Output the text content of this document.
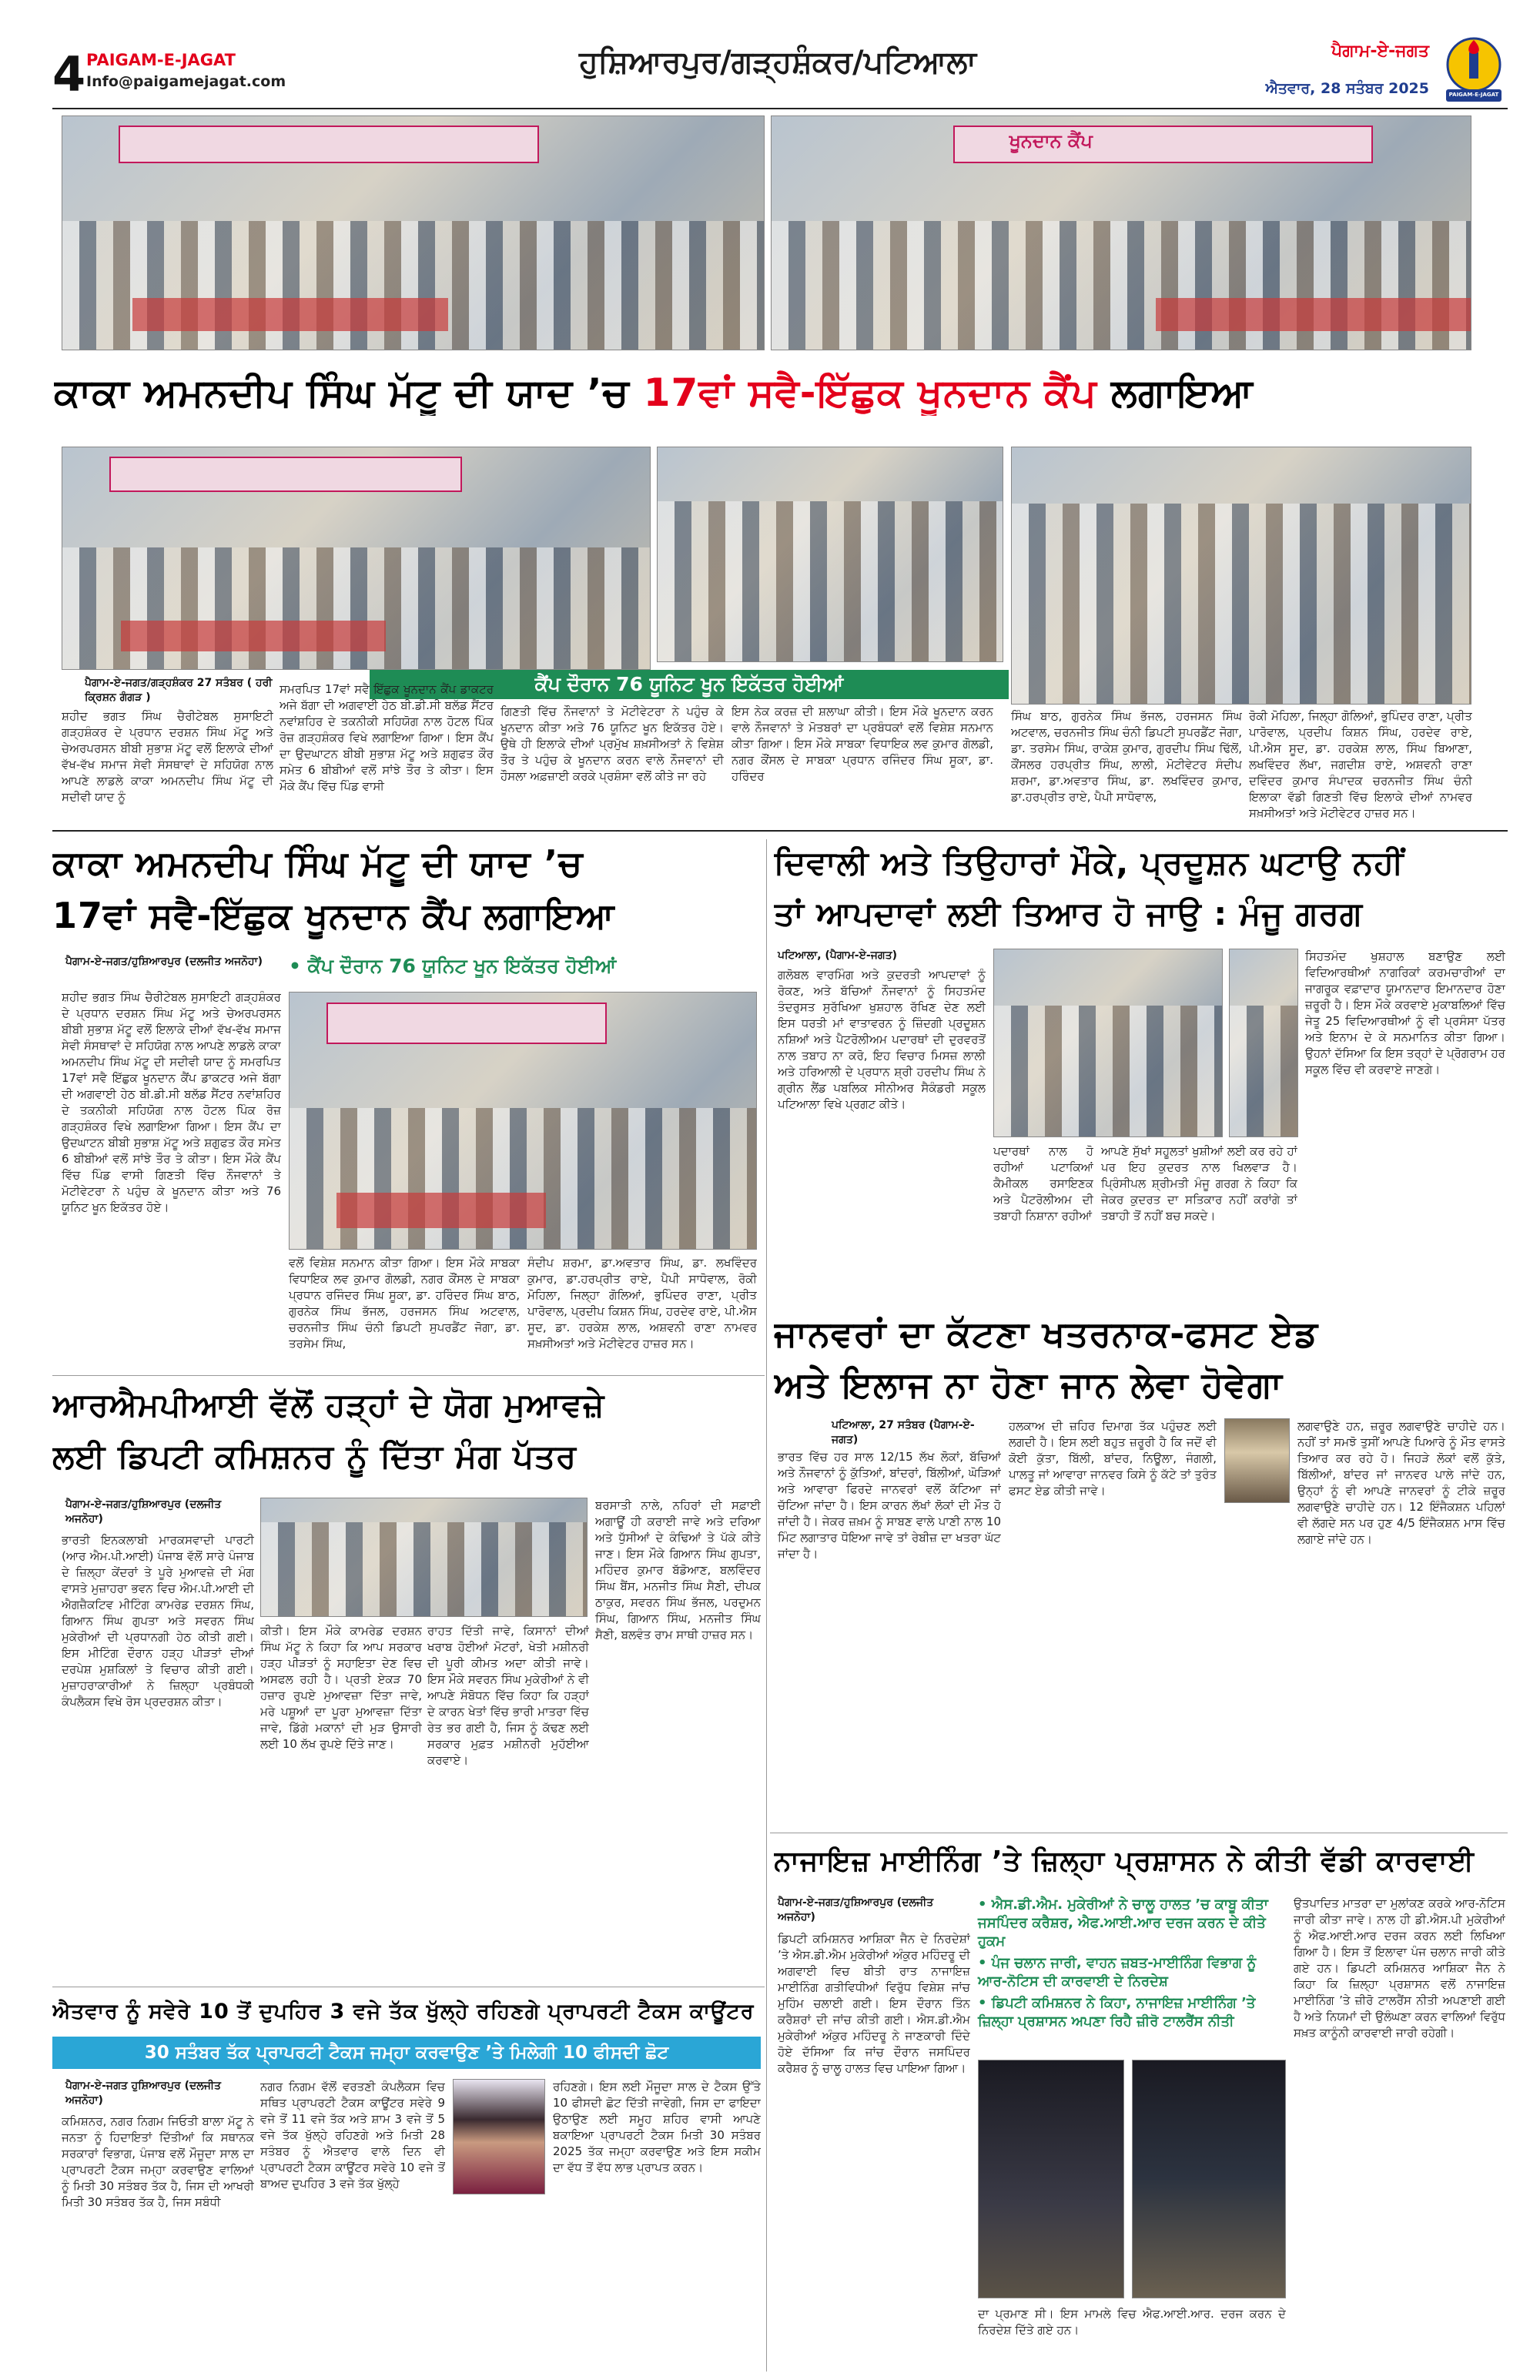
4 PAIGAM-E-JAGAT
Info@paigamejagat.com
ਹੁਸ਼ਿਆਰਪੁਰ/ਗੜ੍ਹਸ਼ੰਕਰ/ਪਟਿਆਲਾ	ਪੈਗਾਮ-ਏ-ਜਗਤ
ਐਤਵਾਰ, 28 ਸਤੰਬਰ 2025	PAIGAM-E-JAGAT
ਖੂਨਦਾਨ ਕੈਂਪ
ਕਾਕਾ ਅਮਨਦੀਪ ਸਿੰਘ ਮੱਟੂ ਦੀ ਯਾਦ ’ਚ 17ਵਾਂ ਸਵੈ-ਇੱਛੁਕ ਖੂਨਦਾਨ ਕੈਂਪ ਲਗਾਇਆ
ਕੈਂਪ ਦੌਰਾਨ 76 ਯੂਨਿਟ ਖੂਨ ਇਕੱਤਰ ਹੋਈਆਂ
ਪੈਗਾਮ-ਏ-ਜਗਤ/ਗੜ੍ਹਸ਼ੰਕਰ 27 ਸਤੰਬਰ ( ਹਰੀ ਕ੍ਰਿਸ਼ਨ ਗੰਗੜ )
ਸ਼ਹੀਦ ਭਗਤ ਸਿੰਘ ਚੈਰੀਟੇਬਲ ਸੁਸਾਇਟੀ ਗੜ੍ਹਸ਼ੰਕਰ ਦੇ ਪ੍ਰਧਾਨ ਦਰਸ਼ਨ ਸਿੰਘ ਮੱਟੂ ਅਤੇ ਚੇਅਰਪਰਸਨ ਬੀਬੀ ਸੁਭਾਸ਼ ਮੱਟੂ ਵਲੋਂ ਇਲਾਕੇ ਦੀਆਂ ਵੱਖ-ਵੱਖ ਸਮਾਜ ਸੇਵੀ ਸੰਸਥਾਵਾਂ ਦੇ ਸਹਿਯੋਗ ਨਾਲ ਆਪਣੇ ਲਾਡਲੇ ਕਾਕਾ ਅਮਨਦੀਪ ਸਿੰਘ ਮੱਟੂ ਦੀ ਸਦੀਵੀ ਯਾਦ ਨੂੰ
ਸਮਰਪਿਤ 17ਵਾਂ ਸਵੈ ਇੱਛੁਕ ਖੂਨਦਾਨ ਕੈਂਪ ਡਾਕਟਰ ਅਜੇ ਬੱਗਾ ਦੀ ਅਗਵਾਈ ਹੇਠ ਬੀ.ਡੀ.ਸੀ ਬਲੱਡ ਸੈਂਟਰ ਨਵਾਂਸ਼ਹਿਰ ਦੇ ਤਕਨੀਕੀ ਸਹਿਯੋਗ ਨਾਲ ਹੋਟਲ ਪਿੰਕ ਰੋਜ਼ ਗੜ੍ਹਸ਼ੰਕਰ ਵਿਖੇ ਲਗਾਇਆ ਗਿਆ। ਇਸ ਕੈਂਪ ਦਾ ਉਦਘਾਟਨ ਬੀਬੀ ਸੁਭਾਸ਼ ਮੱਟੂ ਅਤੇ ਸ਼ਗੁਫਤ ਕੌਰ ਸਮੇਤ 6 ਬੀਬੀਆਂ ਵਲੋਂ ਸਾਂਝੇ ਤੌਰ ਤੇ ਕੀਤਾ। ਇਸ ਮੌਕੇ ਕੈਂਪ ਵਿੱਚ ਪਿੰਡ ਵਾਸੀ
ਗਿਣਤੀ ਵਿੱਚ ਨੌਜਵਾਨਾਂ ਤੇ ਮੋਟੀਵੇਟਰਾ ਨੇ ਪਹੁੰਚ ਕੇ ਖੂਨਦਾਨ ਕੀਤਾ ਅਤੇ 76 ਯੂਨਿਟ ਖੂਨ ਇਕੱਤਰ ਹੋਏ। ਉਥੇ ਹੀ ਇਲਾਕੇ ਦੀਆਂ ਪ੍ਰਮੁੱਖ ਸ਼ਖ਼ਸੀਅਤਾਂ ਨੇ ਵਿਸ਼ੇਸ਼ ਤੌਰ ਤੇ ਪਹੁੰਚ ਕੇ ਖੂਨਦਾਨ ਕਰਨ ਵਾਲੇ ਨੌਜਵਾਨਾਂ ਦੀ ਹੌਸਲਾ ਅਫ਼ਜ਼ਾਈ ਕਰਕੇ ਪ੍ਰਸ਼ੰਸਾ ਵਲੋਂ ਕੀਤੇ ਜਾ ਰਹੇ
ਇਸ ਨੇਕ ਕਰਜ਼ ਦੀ ਸ਼ਲਾਘਾ ਕੀਤੀ। ਇਸ ਮੌਕੇ ਖੂਨਦਾਨ ਕਰਨ ਵਾਲੇ ਨੌਜਵਾਨਾਂ ਤੇ ਮੋਤਬਰਾਂ ਦਾ ਪ੍ਰਬੰਧਕਾਂ ਵਲੋਂ ਵਿਸ਼ੇਸ਼ ਸਨਮਾਨ ਕੀਤਾ ਗਿਆ। ਇਸ ਮੌਕੇ ਸਾਬਕਾ ਵਿਧਾਇਕ ਲਵ ਕੁਮਾਰ ਗੋਲਡੀ, ਨਗਰ ਕੌਂਸਲ ਦੇ ਸਾਬਕਾ ਪ੍ਰਧਾਨ ਰਜਿੰਦਰ ਸਿੰਘ ਸੂਕਾ, ਡਾ. ਹਰਿੰਦਰ
ਸਿੰਘ ਬਾਠ, ਗੁਰਨੇਕ ਸਿੰਘ ਭੱਜਲ, ਹਰਜਸਨ ਸਿੰਘ ਅਟਵਾਲ, ਚਰਨਜੀਤ ਸਿੰਘ ਚੰਨੀ ਡਿਪਟੀ ਸੁਪਰਡੈਂਟ ਜੋਗਾ, ਡਾ. ਤਰਸੇਮ ਸਿੰਘ, ਰਾਕੇਸ਼ ਕੁਮਾਰ, ਗੁਰਦੀਪ ਸਿੰਘ ਢਿੱਲੋਂ, ਕੌਂਸਲਰ ਹਰਪ੍ਰੀਤ ਸਿੰਘ, ਲਾਲੀ, ਮੋਟੀਵੇਟਰ ਸੰਦੀਪ ਸ਼ਰਮਾ, ਡਾ.ਅਵਤਾਰ ਸਿੰਘ, ਡਾ. ਲਖਵਿੰਦਰ ਕੁਮਾਰ, ਡਾ.ਹਰਪ੍ਰੀਤ ਰਾਏ, ਪੈਪੀ ਸਾਧੋਵਾਲ,
ਰੋਕੀ ਮੋਹਿਲਾ, ਜਿਲ੍ਹਾ ਗੋਲਿਆਂ, ਭੁਪਿੰਦਰ ਰਾਣਾ, ਪ੍ਰੀਤ ਪਾਰੋਵਾਲ, ਪ੍ਰਦੀਪ ਕਿਸ਼ਨ ਸਿੰਘ, ਹਰਦੇਵ ਰਾਏ, ਪੀ.ਐਸ ਸੂਦ, ਡਾ. ਹਰਕੇਸ਼ ਲਾਲ, ਸਿੰਘ ਬਿਆਣਾ, ਲਖਵਿੰਦਰ ਲੱਖਾ, ਜਗਦੀਸ਼ ਰਾਏ, ਅਸ਼ਵਨੀ ਰਾਣਾ ਦਵਿੰਦਰ ਕੁਮਾਰ ਸੰਪਾਦਕ ਚਰਨਜੀਤ ਸਿੰਘ ਚੰਨੀ ਇਲਾਕਾ ਵੱਡੀ ਗਿਣਤੀ ਵਿੱਚ ਇਲਾਕੇ ਦੀਆਂ ਨਾਮਵਰ ਸਖ਼ਸੀਅਤਾਂ ਅਤੇ ਮੋਟੀਵੇਟਰ ਹਾਜ਼ਰ ਸਨ।
ਕਾਕਾ ਅਮਨਦੀਪ ਸਿੰਘ ਮੱਟੂ ਦੀ ਯਾਦ ’ਚ
17ਵਾਂ ਸਵੈ-ਇੱਛੁਕ ਖੂਨਦਾਨ ਕੈਂਪ ਲਗਾਇਆ
ਪੈਗਾਮ-ਏ-ਜਗਤ/ਹੁਸ਼ਿਆਰਪੁਰ (ਦਲਜੀਤ ਅਜਨੋਹਾ)
ਸ਼ਹੀਦ ਭਗਤ ਸਿੰਘ ਚੈਰੀਟੇਬਲ ਸੁਸਾਇਟੀ ਗੜ੍ਹਸ਼ੰਕਰ ਦੇ ਪ੍ਰਧਾਨ ਦਰਸ਼ਨ ਸਿੰਘ ਮੱਟੂ ਅਤੇ ਚੇਅਰਪਰਸਨ ਬੀਬੀ ਸੁਭਾਸ਼ ਮੱਟੂ ਵਲੋਂ ਇਲਾਕੇ ਦੀਆਂ ਵੱਖ-ਵੱਖ ਸਮਾਜ ਸੇਵੀ ਸੰਸਥਾਵਾਂ ਦੇ ਸਹਿਯੋਗ ਨਾਲ ਆਪਣੇ ਲਾਡਲੇ ਕਾਕਾ ਅਮਨਦੀਪ ਸਿੰਘ ਮੱਟੂ ਦੀ ਸਦੀਵੀ ਯਾਦ ਨੂੰ ਸਮਰਪਿਤ 17ਵਾਂ ਸਵੈ ਇੱਛੁਕ ਖੂਨਦਾਨ ਕੈਂਪ ਡਾਕਟਰ ਅਜੇ ਬੱਗਾ ਦੀ ਅਗਵਾਈ ਹੇਠ ਬੀ.ਡੀ.ਸੀ ਬਲੱਡ ਸੈਂਟਰ ਨਵਾਂਸ਼ਹਿਰ ਦੇ ਤਕਨੀਕੀ ਸਹਿਯੋਗ ਨਾਲ ਹੋਟਲ ਪਿੰਕ ਰੋਜ਼ ਗੜ੍ਹਸ਼ੰਕਰ ਵਿਖੇ ਲਗਾਇਆ ਗਿਆ। ਇਸ ਕੈਂਪ ਦਾ ਉਦਘਾਟਨ ਬੀਬੀ ਸੁਭਾਸ਼ ਮੱਟੂ ਅਤੇ ਸ਼ਗੁਫਤ ਕੌਰ ਸਮੇਤ 6 ਬੀਬੀਆਂ ਵਲੋਂ ਸਾਂਝੇ ਤੌਰ ਤੇ ਕੀਤਾ। ਇਸ ਮੌਕੇ ਕੈਂਪ ਵਿੱਚ ਪਿੰਡ ਵਾਸੀ ਗਿਣਤੀ ਵਿੱਚ ਨੌਜਵਾਨਾਂ ਤੇ ਮੋਟੀਵੇਟਰਾ ਨੇ ਪਹੁੰਚ ਕੇ ਖੂਨਦਾਨ ਕੀਤਾ ਅਤੇ 76 ਯੂਨਿਟ ਖੂਨ ਇਕੱਤਰ ਹੋਏ।
• ਕੈਂਪ ਦੌਰਾਨ 76 ਯੂਨਿਟ ਖੂਨ ਇਕੱਤਰ ਹੋਈਆਂ
ਵਲੋਂ ਵਿਸ਼ੇਸ਼ ਸਨਮਾਨ ਕੀਤਾ ਗਿਆ। ਇਸ ਮੌਕੇ ਸਾਬਕਾ ਵਿਧਾਇਕ ਲਵ ਕੁਮਾਰ ਗੋਲਡੀ, ਨਗਰ ਕੌਂਸਲ ਦੇ ਸਾਬਕਾ ਪ੍ਰਧਾਨ ਰਜਿੰਦਰ ਸਿੰਘ ਸੂਕਾ, ਡਾ. ਹਰਿੰਦਰ ਸਿੰਘ ਬਾਠ, ਗੁਰਨੇਕ ਸਿੰਘ ਭੱਜਲ, ਹਰਜਸਨ ਸਿੰਘ ਅਟਵਾਲ, ਚਰਨਜੀਤ ਸਿੰਘ ਚੰਨੀ ਡਿਪਟੀ ਸੁਪਰਡੈਂਟ ਜੋਗਾ, ਡਾ. ਤਰਸੇਮ ਸਿੰਘ,
ਸੰਦੀਪ ਸ਼ਰਮਾ, ਡਾ.ਅਵਤਾਰ ਸਿੰਘ, ਡਾ. ਲਖਵਿੰਦਰ ਕੁਮਾਰ, ਡਾ.ਹਰਪ੍ਰੀਤ ਰਾਏ, ਪੈਪੀ ਸਾਧੋਵਾਲ, ਰੋਕੀ ਮੋਹਿਲਾ, ਜਿਲ੍ਹਾ ਗੋਲਿਆਂ, ਭੁਪਿੰਦਰ ਰਾਣਾ, ਪ੍ਰੀਤ ਪਾਰੋਵਾਲ, ਪ੍ਰਦੀਪ ਕਿਸ਼ਨ ਸਿੰਘ, ਹਰਦੇਵ ਰਾਏ, ਪੀ.ਐਸ ਸੂਦ, ਡਾ. ਹਰਕੇਸ਼ ਲਾਲ, ਅਸ਼ਵਨੀ ਰਾਣਾ ਨਾਮਵਰ ਸਖ਼ਸੀਅਤਾਂ ਅਤੇ ਮੋਟੀਵੇਟਰ ਹਾਜ਼ਰ ਸਨ।
ਦਿਵਾਲੀ ਅਤੇ ਤਿਉਹਾਰਾਂ ਮੌਕੇ, ਪ੍ਰਦੂਸ਼ਨ ਘਟਾਉ ਨਹੀਂ
ਤਾਂ ਆਪਦਾਵਾਂ ਲਈ ਤਿਆਰ ਹੋ ਜਾਉ : ਮੰਜੂ ਗਰਗ
ਪਟਿਆਲਾ, (ਪੈਗਾਮ-ਏ-ਜਗਤ)
ਗਲੋਬਲ ਵਾਰਮਿੰਗ ਅਤੇ ਕੁਦਰਤੀ ਆਪਦਾਵਾਂ ਨੂੰ ਰੋਕਣ, ਅਤੇ ਬੱਚਿਆਂ ਨੌਜਵਾਨਾਂ ਨੂੰ ਸਿਹਤਮੰਦ ਤੰਦਰੁਸਤ ਸੁਰੱਖਿਆ ਖੁਸ਼ਹਾਲ ਰੱਖਿਣ ਦੇਣ ਲਈ ਇਸ ਧਰਤੀ ਮਾਂ ਵਾਤਾਵਰਨ ਨੂੰ ਜ਼ਿੰਦਗੀ ਪ੍ਰਦੂਸ਼ਨ ਨਸ਼ਿਆਂ ਅਤੇ ਪੈਟਰੋਲੀਅਮ ਪਦਾਰਥਾਂ ਦੀ ਦੁਰਵਰਤੋਂ ਨਾਲ ਤਬਾਹ ਨਾ ਕਰੋ, ਇਹ ਵਿਚਾਰ ਮਿਸਜ਼ ਲਾਲੀ ਅਤੇ ਹਰਿਆਲੀ ਦੇ ਪ੍ਰਧਾਨ ਸ਼੍ਰੀ ਹਰਦੀਪ ਸਿੰਘ ਨੇ ਗ੍ਰੀਨ ਲੈਂਡ ਪਬਲਿਕ ਸੀਨੀਅਰ ਸੈਕੰਡਰੀ ਸਕੂਲ ਪਟਿਆਲਾ ਵਿਖੇ ਪ੍ਰਗਟ ਕੀਤੇ।
ਪਦਾਰਥਾਂ ਨਾਲ ਹੋ ਰਹੀਆਂ ਪਟਾਕਿਆਂ ਕੈਮੀਕਲ ਰਸਾਇਣਕ ਅਤੇ ਪੈਟਰੋਲੀਅਮ ਦੀ ਤਬਾਹੀ ਨਿਸ਼ਾਨਾ ਰਹੀਆਂ
ਆਪਣੇ ਸੁੱਖਾਂ ਸਹੂਲਤਾਂ ਖੁਸ਼ੀਆਂ ਲਈ ਕਰ ਰਹੇ ਹਾਂ ਪਰ ਇਹ ਕੁਦਰਤ ਨਾਲ ਖਿਲਵਾੜ ਹੈ। ਪ੍ਰਿੰਸੀਪਲ ਸ਼੍ਰੀਮਤੀ ਮੰਜੂ ਗਰਗ ਨੇ ਕਿਹਾ ਕਿ ਜੇਕਰ ਕੁਦਰਤ ਦਾ ਸਤਿਕਾਰ ਨਹੀਂ ਕਰਾਂਗੇ ਤਾਂ ਤਬਾਹੀ ਤੋਂ ਨਹੀਂ ਬਚ ਸਕਦੇ।
ਸਿਹਤਮੰਦ ਖੁਸ਼ਹਾਲ ਬਣਾਉਣ ਲਈ ਵਿਦਿਆਰਥੀਆਂ ਨਾਗਰਿਕਾਂ ਕਰਮਚਾਰੀਆਂ ਦਾ ਜਾਗਰੂਕ ਵਫ਼ਾਦਾਰ ਯੂਮਾਨਦਾਰ ਇਮਾਨਦਾਰ ਹੋਣਾ ਜ਼ਰੂਰੀ ਹੈ। ਇਸ ਮੌਕੇ ਕਰਵਾਏ ਮੁਕਾਬਲਿਆਂ ਵਿੱਚ ਜੇਤੂ 25 ਵਿਦਿਆਰਥੀਆਂ ਨੂੰ ਵੀ ਪ੍ਰਸੰਸਾ ਪੱਤਰ ਅਤੇ ਇਨਾਮ ਦੇ ਕੇ ਸਨਮਾਨਿਤ ਕੀਤਾ ਗਿਆ। ਉਹਨਾਂ ਦੱਸਿਆ ਕਿ ਇਸ ਤਰ੍ਹਾਂ ਦੇ ਪ੍ਰੋਗਰਾਮ ਹਰ ਸਕੂਲ ਵਿੱਚ ਵੀ ਕਰਵਾਏ ਜਾਣਗੇ।
ਜਾਨਵਰਾਂ ਦਾ ਕੱਟਣਾ ਖਤਰਨਾਕ-ਫਸਟ ਏਡ
ਅਤੇ ਇਲਾਜ ਨਾ ਹੋਣਾ ਜਾਨ ਲੇਵਾ ਹੋਵੇਗਾ
ਪਟਿਆਲਾ, 27 ਸਤੰਬਰ (ਪੈਗਾਮ-ਏ-ਜਗਤ)
ਭਾਰਤ ਵਿੱਚ ਹਰ ਸਾਲ 12/15 ਲੱਖ ਲੋਕਾਂ, ਬੱਚਿਆਂ ਅਤੇ ਨੌਜਵਾਨਾਂ ਨੂੰ ਕੁੱਤਿਆਂ, ਬਾਂਦਰਾਂ, ਬਿੱਲੀਆਂ, ਘੋੜਿਆਂ ਅਤੇ ਆਵਾਰਾ ਫਿਰਦੇ ਜਾਨਵਰਾਂ ਵਲੋਂ ਕੱਟਿਆ ਜਾਂ ਚੱਟਿਆ ਜਾਂਦਾ ਹੈ। ਇਸ ਕਾਰਨ ਲੱਖਾਂ ਲੋਕਾਂ ਦੀ ਮੌਤ ਹੋ ਜਾਂਦੀ ਹੈ। ਜੇਕਰ ਜ਼ਖ਼ਮ ਨੂੰ ਸਾਬਣ ਵਾਲੇ ਪਾਣੀ ਨਾਲ 10 ਮਿੰਟ ਲਗਾਤਾਰ ਧੋਇਆ ਜਾਵੇ ਤਾਂ ਰੇਬੀਜ਼ ਦਾ ਖਤਰਾ ਘੱਟ ਜਾਂਦਾ ਹੈ।
ਹਲਕਾਅ ਦੀ ਜ਼ਹਿਰ ਦਿਮਾਗ ਤੱਕ ਪਹੁੰਚਣ ਲਈ ਲਗਦੀ ਹੈ। ਇਸ ਲਈ ਬਹੁਤ ਜ਼ਰੂਰੀ ਹੈ ਕਿ ਜਦੋਂ ਵੀ ਕੋਈ ਕੁੱਤਾ, ਬਿੱਲੀ, ਬਾਂਦਰ, ਨਿਊਲਾ, ਜੰਗਲੀ, ਪਾਲਤੂ ਜਾਂ ਆਵਾਰਾ ਜਾਨਵਰ ਕਿਸੇ ਨੂੰ ਕੱਟੇ ਤਾਂ ਤੁਰੰਤ ਫਸਟ ਏਡ ਕੀਤੀ ਜਾਵੇ।
ਲਗਵਾਉਣੇ ਹਨ, ਜ਼ਰੂਰ ਲਗਵਾਉਣੇ ਚਾਹੀਦੇ ਹਨ। ਨਹੀਂ ਤਾਂ ਸਮਝੋ ਤੁਸੀਂ ਆਪਣੇ ਪਿਆਰੇ ਨੂੰ ਮੌਤ ਵਾਸਤੇ ਤਿਆਰ ਕਰ ਰਹੇ ਹੋ। ਜਿਹੜੇ ਲੋਕਾਂ ਵਲੋਂ ਕੁੱਤੇ, ਬਿੱਲੀਆਂ, ਬਾਂਦਰ ਜਾਂ ਜਾਨਵਰ ਪਾਲੇ ਜਾਂਦੇ ਹਨ, ਉਨ੍ਹਾਂ ਨੂੰ ਵੀ ਆਪਣੇ ਜਾਨਵਰਾਂ ਨੂੰ ਟੀਕੇ ਜ਼ਰੂਰ ਲਗਵਾਉਣੇ ਚਾਹੀਦੇ ਹਨ। 12 ਇੰਜੈਕਸ਼ਨ ਪਹਿਲਾਂ ਵੀ ਲੱਗਦੇ ਸਨ ਪਰ ਹੁਣ 4/5 ਇੰਜੈਕਸ਼ਨ ਮਾਸ ਵਿੱਚ ਲਗਾਏ ਜਾਂਦੇ ਹਨ।
ਆਰਐਮਪੀਆਈ ਵੱਲੋਂ ਹੜ੍ਹਾਂ ਦੇ ਯੋਗ ਮੁਆਵਜ਼ੇ
ਲਈ ਡਿਪਟੀ ਕਮਿਸ਼ਨਰ ਨੂੰ ਦਿੱਤਾ ਮੰਗ ਪੱਤਰ
ਪੈਗਾਮ-ਏ-ਜਗਤ/ਹੁਸ਼ਿਆਰਪੁਰ (ਦਲਜੀਤ ਅਜਨੋਹਾ)
ਭਾਰਤੀ ਇਨਕਲਾਬੀ ਮਾਰਕਸਵਾਦੀ ਪਾਰਟੀ (ਆਰ ਐਮ.ਪੀ.ਆਈ) ਪੰਜਾਬ ਵੱਲੋਂ ਸਾਰੇ ਪੰਜਾਬ ਦੇ ਜ਼ਿਲ੍ਹਾ ਕੇਂਦਰਾਂ ਤੇ ਪੂਰੇ ਮੁਆਵਜ਼ੇ ਦੀ ਮੰਗ ਵਾਸਤੇ ਮੁਜ਼ਾਹਰਾ ਭਵਨ ਵਿਚ ਐਮ.ਪੀ.ਆਈ ਦੀ ਐਗਜ਼ੈਕਟਿਵ ਮੀਟਿੰਗ ਕਾਮਰੇਡ ਦਰਸ਼ਨ ਸਿੰਘ, ਗਿਆਨ ਸਿੰਘ ਗੁਪਤਾ ਅਤੇ ਸਵਰਨ ਸਿੰਘ ਮੁਕੇਰੀਆਂ ਦੀ ਪ੍ਰਧਾਨਗੀ ਹੇਠ ਕੀਤੀ ਗਈ। ਇਸ ਮੀਟਿੰਗ ਦੌਰਾਨ ਹੜ੍ਹ ਪੀੜਤਾਂ ਦੀਆਂ ਦਰਪੇਸ਼ ਮੁਸ਼ਕਿਲਾਂ ਤੇ ਵਿਚਾਰ ਕੀਤੀ ਗਈ। ਮੁਜ਼ਾਹਰਾਕਾਰੀਆਂ ਨੇ ਜ਼ਿਲ੍ਹਾ ਪ੍ਰਬੰਧਕੀ ਕੰਪਲੈਕਸ ਵਿਖੇ ਰੋਸ ਪ੍ਰਦਰਸ਼ਨ ਕੀਤਾ।
ਕੀਤੀ। ਇਸ ਮੌਕੇ ਕਾਮਰੇਡ ਦਰਸ਼ਨ ਸਿੰਘ ਮੱਟੂ ਨੇ ਕਿਹਾ ਕਿ ਆਪ ਸਰਕਾਰ ਹੜ੍ਹ ਪੀੜਤਾਂ ਨੂੰ ਸਹਾਇਤਾ ਦੇਣ ਵਿਚ ਅਸਫਲ ਰਹੀ ਹੈ। ਪ੍ਰਤੀ ਏਕੜ 70 ਹਜ਼ਾਰ ਰੁਪਏ ਮੁਆਵਜ਼ਾ ਦਿੱਤਾ ਜਾਵੇ, ਮਰੇ ਪਸ਼ੂਆਂ ਦਾ ਪੂਰਾ ਮੁਆਵਜ਼ਾ ਦਿੱਤਾ ਜਾਵੇ, ਡਿੱਗੇ ਮਕਾਨਾਂ ਦੀ ਮੁੜ ਉਸਾਰੀ ਲਈ 10 ਲੱਖ ਰੁਪਏ ਦਿੱਤੇ ਜਾਣ।
ਰਾਹਤ ਦਿੱਤੀ ਜਾਵੇ, ਕਿਸਾਨਾਂ ਦੀਆਂ ਖਰਾਬ ਹੋਈਆਂ ਮੋਟਰਾਂ, ਖੇਤੀ ਮਸ਼ੀਨਰੀ ਦੀ ਪੂਰੀ ਕੀਮਤ ਅਦਾ ਕੀਤੀ ਜਾਵੇ। ਇਸ ਮੌਕੇ ਸਵਰਨ ਸਿੰਘ ਮੁਕੇਰੀਆਂ ਨੇ ਵੀ ਆਪਣੇ ਸੰਬੋਧਨ ਵਿੱਚ ਕਿਹਾ ਕਿ ਹੜ੍ਹਾਂ ਦੇ ਕਾਰਨ ਖੇਤਾਂ ਵਿੱਚ ਭਾਰੀ ਮਾਤਰਾ ਵਿੱਚ ਰੇਤ ਭਰ ਗਈ ਹੈ, ਜਿਸ ਨੂੰ ਕੱਢਣ ਲਈ ਸਰਕਾਰ ਮੁਫ਼ਤ ਮਸ਼ੀਨਰੀ ਮੁਹੱਈਆ ਕਰਵਾਏ।
ਬਰਸਾਤੀ ਨਾਲੇ, ਨਹਿਰਾਂ ਦੀ ਸਫ਼ਾਈ ਅਗਾਊਂ ਹੀ ਕਰਾਈ ਜਾਵੇ ਅਤੇ ਦਰਿਆ ਅਤੇ ਧੁੱਸੀਆਂ ਦੇ ਕੰਢਿਆਂ ਤੇ ਪੱਕੇ ਕੀਤੇ ਜਾਣ। ਇਸ ਮੌਕੇ ਗਿਆਨ ਸਿੰਘ ਗੁਪਤਾ, ਮਹਿੰਦਰ ਕੁਮਾਰ ਬੱਡੋਆਣ, ਬਲਵਿੰਦਰ ਸਿੰਘ ਬੈਂਸ, ਮਨਜੀਤ ਸਿੰਘ ਸੈਣੀ, ਦੀਪਕ ਠਾਕੁਰ, ਸਵਰਨ ਸਿੰਘ ਭੱਜਲ, ਪਰਦੁਮਨ ਸਿੰਘ, ਗਿਆਨ ਸਿੰਘ, ਮਨਜੀਤ ਸਿੰਘ ਸੈਣੀ, ਬਲਵੰਤ ਰਾਮ ਸਾਥੀ ਹਾਜ਼ਰ ਸਨ।
ਨਾਜਾਇਜ਼ ਮਾਈਨਿੰਗ ’ਤੇ ਜ਼ਿਲ੍ਹਾ ਪ੍ਰਸ਼ਾਸਨ ਨੇ ਕੀਤੀ ਵੱਡੀ ਕਾਰਵਾਈ
ਪੈਗਾਮ-ਏ-ਜਗਤ/ਹੁਸ਼ਿਆਰਪੁਰ (ਦਲਜੀਤ ਅਜਨੋਹਾ)
ਡਿਪਟੀ ਕਮਿਸ਼ਨਰ ਆਸ਼ਿਕਾ ਜੈਨ ਦੇ ਨਿਰਦੇਸ਼ਾਂ ’ਤੇ ਐਸ.ਡੀ.ਐਮ ਮੁਕੇਰੀਆਂ ਅੰਕੁਰ ਮਹਿੰਦਰੂ ਦੀ ਅਗਵਾਈ ਵਿਚ ਬੀਤੀ ਰਾਤ ਨਾਜਾਇਜ਼ ਮਾਈਨਿੰਗ ਗਤੀਵਿਧੀਆਂ ਵਿਰੁੱਧ ਵਿਸ਼ੇਸ਼ ਜਾਂਚ ਮੁਹਿੰਮ ਚਲਾਈ ਗਈ। ਇਸ ਦੌਰਾਨ ਤਿੰਨ ਕਰੈਸ਼ਰਾਂ ਦੀ ਜਾਂਚ ਕੀਤੀ ਗਈ। ਐਸ.ਡੀ.ਐਮ ਮੁਕੇਰੀਆਂ ਅੰਕੁਰ ਮਹਿੰਦਰੂ ਨੇ ਜਾਣਕਾਰੀ ਦਿੰਦੇ ਹੋਏ ਦੱਸਿਆ ਕਿ ਜਾਂਚ ਦੌਰਾਨ ਜਸਪਿੰਦਰ ਕਰੈਸ਼ਰ ਨੂੰ ਚਾਲੂ ਹਾਲਤ ਵਿਚ ਪਾਇਆ ਗਿਆ।
• ਐਸ.ਡੀ.ਐਮ. ਮੁਕੇਰੀਆਂ ਨੇ ਚਾਲੂ ਹਾਲਤ ’ਚ ਕਾਬੂ ਕੀਤਾ ਜਸਪਿੰਦਰ ਕਰੈਸ਼ਰ, ਐਫ.ਆਈ.ਆਰ ਦਰਜ ਕਰਨ ਦੇ ਕੀਤੇ ਹੁਕਮ
• ਪੰਜ ਚਲਾਨ ਜਾਰੀ, ਵਾਹਨ ਜ਼ਬਤ-ਮਾਈਨਿੰਗ ਵਿਭਾਗ ਨੂੰ ਆਰ-ਨੋਟਿਸ ਦੀ ਕਾਰਵਾਈ ਦੇ ਨਿਰਦੇਸ਼
• ਡਿਪਟੀ ਕਮਿਸ਼ਨਰ ਨੇ ਕਿਹਾ, ਨਾਜਾਇਜ਼ ਮਾਈਨਿੰਗ ’ਤੇ ਜ਼ਿਲ੍ਹਾ ਪ੍ਰਸ਼ਾਸਨ ਅਪਣਾ ਰਿਹੈ ਜ਼ੀਰੋ ਟਾਲਰੈਂਸ ਨੀਤੀ
ਦਾ ਪ੍ਰਮਾਣ ਸੀ। ਇਸ ਮਾਮਲੇ ਵਿਚ ਐਫ.ਆਈ.ਆਰ. ਦਰਜ ਕਰਨ ਦੇ ਨਿਰਦੇਸ਼ ਦਿੱਤੇ ਗਏ ਹਨ।
ਉਤਪਾਦਿਤ ਮਾਤਰਾ ਦਾ ਮੁਲਾਂਕਣ ਕਰਕੇ ਆਰ-ਨੋਟਿਸ ਜਾਰੀ ਕੀਤਾ ਜਾਵੇ। ਨਾਲ ਹੀ ਡੀ.ਐਸ.ਪੀ ਮੁਕੇਰੀਆਂ ਨੂੰ ਐਫ.ਆਈ.ਆਰ ਦਰਜ ਕਰਨ ਲਈ ਲਿਖਿਆ ਗਿਆ ਹੈ। ਇਸ ਤੋਂ ਇਲਾਵਾ ਪੰਜ ਚਲਾਨ ਜਾਰੀ ਕੀਤੇ ਗਏ ਹਨ। ਡਿਪਟੀ ਕਮਿਸ਼ਨਰ ਆਸ਼ਿਕਾ ਜੈਨ ਨੇ ਕਿਹਾ ਕਿ ਜ਼ਿਲ੍ਹਾ ਪ੍ਰਸ਼ਾਸਨ ਵਲੋਂ ਨਾਜਾਇਜ਼ ਮਾਈਨਿੰਗ ’ਤੇ ਜ਼ੀਰੋ ਟਾਲਰੈਂਸ ਨੀਤੀ ਅਪਣਾਈ ਗਈ ਹੈ ਅਤੇ ਨਿਯਮਾਂ ਦੀ ਉਲੰਘਣਾ ਕਰਨ ਵਾਲਿਆਂ ਵਿਰੁੱਧ ਸਖ਼ਤ ਕਾਨੂੰਨੀ ਕਾਰਵਾਈ ਜਾਰੀ ਰਹੇਗੀ।
ਐਤਵਾਰ ਨੂੰ ਸਵੇਰੇ 10 ਤੋਂ ਦੁਪਹਿਰ 3 ਵਜੇ ਤੱਕ ਖੁੱਲ੍ਹੇ ਰਹਿਣਗੇ ਪ੍ਰਾਪਰਟੀ ਟੈਕਸ ਕਾਊਂਟਰ
30 ਸਤੰਬਰ ਤੱਕ ਪ੍ਰਾਪਰਟੀ ਟੈਕਸ ਜਮ੍ਹਾ ਕਰਵਾਉਣ ’ਤੇ ਮਿਲੇਗੀ 10 ਫੀਸਦੀ ਛੋਟ
ਪੈਗਾਮ-ਏ-ਜਗਤ ਹੁਸ਼ਿਆਰਪੁਰ (ਦਲਜੀਤ ਅਜਨੋਹਾ)
ਕਮਿਸ਼ਨਰ, ਨਗਰ ਨਿਗਮ ਜਿਓਤੀ ਬਾਲਾ ਮੱਟੂ ਨੇ ਜਨਤਾ ਨੂੰ ਹਿਦਾਇਤਾਂ ਦਿੱਤੀਆਂ ਕਿ ਸਥਾਨਕ ਸਰਕਾਰਾਂ ਵਿਭਾਗ, ਪੰਜਾਬ ਵਲੋਂ ਮੌਜੂਦਾ ਸਾਲ ਦਾ ਪ੍ਰਾਪਰਟੀ ਟੈਕਸ ਜਮ੍ਹਾ ਕਰਵਾਉਣ ਵਾਲਿਆਂ ਨੂੰ ਮਿਤੀ 30 ਸਤੰਬਰ ਤੱਕ ਹੈ, ਜਿਸ ਦੀ ਆਖਰੀ ਮਿਤੀ 30 ਸਤੰਬਰ ਤੱਕ ਹੈ, ਜਿਸ ਸਬੰਧੀ
ਨਗਰ ਨਿਗਮ ਵੱਲੋਂ ਵਰਤਣੀ ਕੰਪਲੈਕਸ ਵਿਚ ਸਥਿਤ ਪ੍ਰਾਪਰਟੀ ਟੈਕਸ ਕਾਊਂਟਰ ਸਵੇਰੇ 9 ਵਜੇ ਤੋਂ 11 ਵਜੇ ਤੱਕ ਅਤੇ ਸ਼ਾਮ 3 ਵਜੇ ਤੋਂ 5 ਵਜੇ ਤੱਕ ਖੁੱਲ੍ਹੇ ਰਹਿਣਗੇ ਅਤੇ ਮਿਤੀ 28 ਸਤੰਬਰ ਨੂੰ ਐਤਵਾਰ ਵਾਲੇ ਦਿਨ ਵੀ ਪ੍ਰਾਪਰਟੀ ਟੈਕਸ ਕਾਊਂਟਰ ਸਵੇਰੇ 10 ਵਜੇ ਤੋਂ ਬਾਅਦ ਦੁਪਹਿਰ 3 ਵਜੇ ਤੱਕ ਖੁੱਲ੍ਹੇ
ਰਹਿਣਗੇ। ਇਸ ਲਈ ਮੌਜੂਦਾ ਸਾਲ ਦੇ ਟੈਕਸ ਉੱਤੇ 10 ਫੀਸਦੀ ਛੋਟ ਦਿੱਤੀ ਜਾਵੇਗੀ, ਜਿਸ ਦਾ ਫਾਇਦਾ ਉਠਾਉਣ ਲਈ ਸਮੂਹ ਸ਼ਹਿਰ ਵਾਸੀ ਆਪਣੇ ਬਕਾਇਆ ਪ੍ਰਾਪਰਟੀ ਟੈਕਸ ਮਿਤੀ 30 ਸਤੰਬਰ 2025 ਤੱਕ ਜਮ੍ਹਾ ਕਰਵਾਉਣ ਅਤੇ ਇਸ ਸਕੀਮ ਦਾ ਵੱਧ ਤੋਂ ਵੱਧ ਲਾਭ ਪ੍ਰਾਪਤ ਕਰਨ।
